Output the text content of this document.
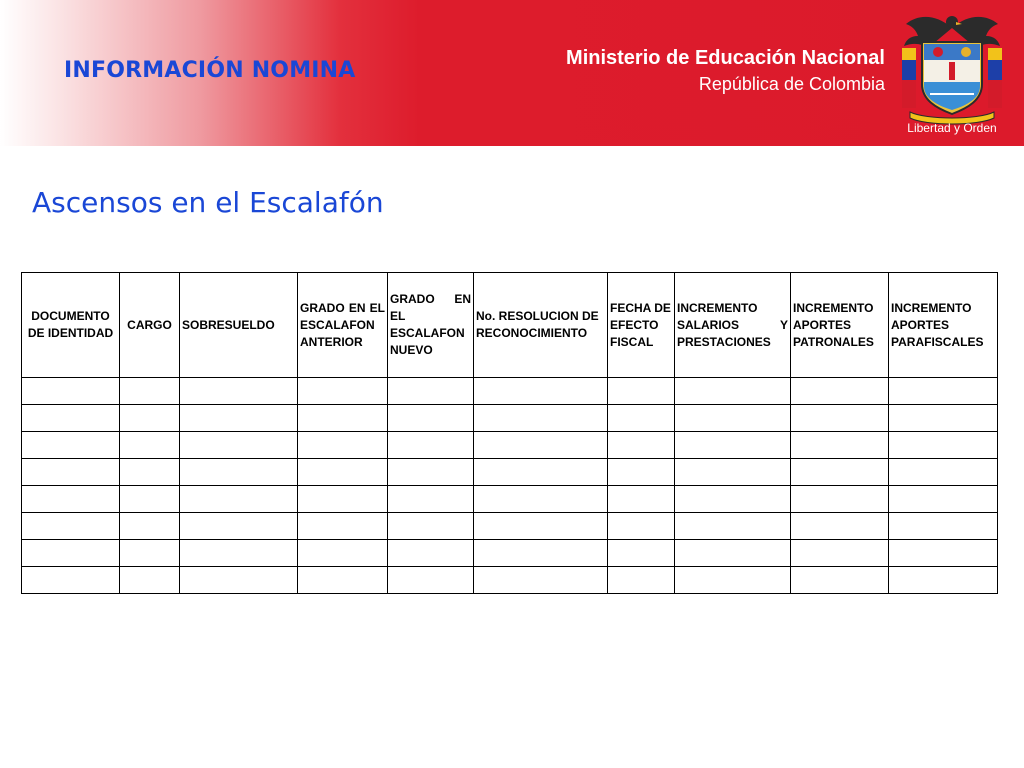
INFORMACIÓN NOMINA	Ministerio de Educación Nacional
República de Colombia
Libertad y Orden
Ascensos en el Escalafón
DOCUMENTO DE IDENTIDAD	CARGO	SOBRESUELDO	GRADO EN EL ESCALAFON ANTERIOR	GRADO EN EL ESCALAFON NUEVO	No. RESOLUCION DE RECONOCIMIENTO	FECHA DE EFECTO FISCAL	INCREMENTO SALARIOS Y PRESTACIONES	INCREMENTO APORTES PATRONALES	INCREMENTO APORTES PARAFISCALES
